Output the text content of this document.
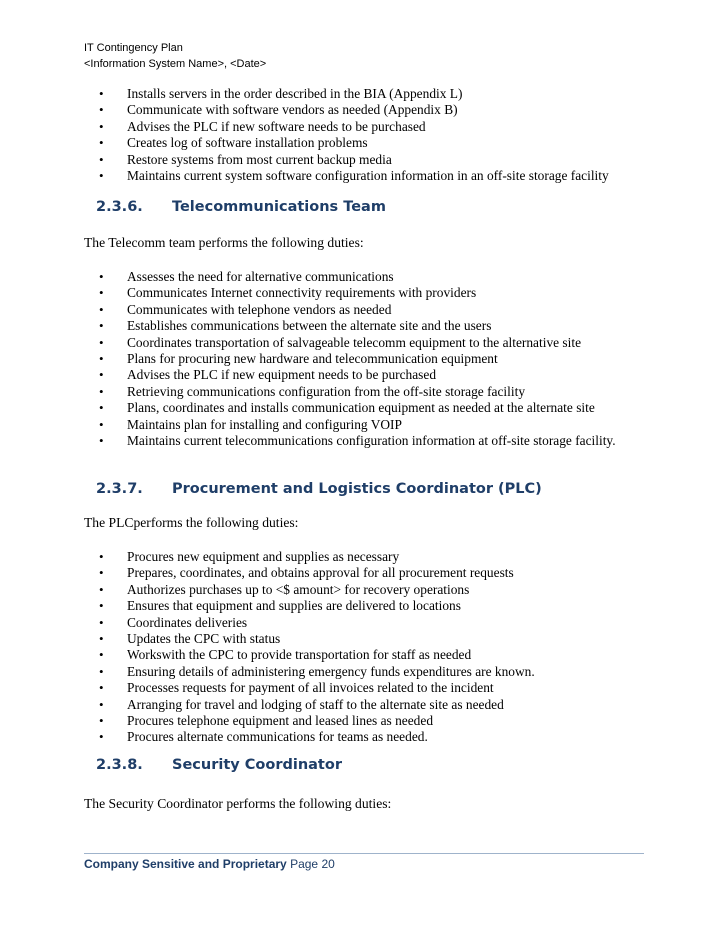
IT Contingency Plan
<Information System Name>, <Date>
• Installs servers in the order described in the BIA (Appendix L)
• Communicate with software vendors as needed (Appendix B)
• Advises the PLC if new software needs to be purchased
• Creates log of software installation problems
• Restore systems from most current backup media
• Maintains current system software configuration information in an off-site storage facility
2.3.6. Telecommunications Team
The Telecomm team performs the following duties:
• Assesses the need for alternative communications
• Communicates Internet connectivity requirements with providers
• Communicates with telephone vendors as needed
• Establishes communications between the alternate site and the users
• Coordinates transportation of salvageable telecomm equipment to the alternative site
• Plans for procuring new hardware and telecommunication equipment
• Advises the PLC if new equipment needs to be purchased
• Retrieving communications configuration from the off-site storage facility
• Plans, coordinates and installs communication equipment as needed at the alternate site
• Maintains plan for installing and configuring VOIP
• Maintains current telecommunications configuration information at off-site storage facility.
2.3.7. Procurement and Logistics Coordinator (PLC)
The PLCperforms the following duties:
• Procures new equipment and supplies as necessary
• Prepares, coordinates, and obtains approval for all procurement requests
• Authorizes purchases up to <$ amount> for recovery operations
• Ensures that equipment and supplies are delivered to locations
• Coordinates deliveries
• Updates the CPC with status
• Workswith the CPC to provide transportation for staff as needed
• Ensuring details of administering emergency funds expenditures are known.
• Processes requests for payment of all invoices related to the incident
• Arranging for travel and lodging of staff to the alternate site as needed
• Procures telephone equipment and leased lines as needed
• Procures alternate communications for teams as needed.
2.3.8. Security Coordinator
The Security Coordinator performs the following duties:
Company Sensitive and Proprietary Page 20
